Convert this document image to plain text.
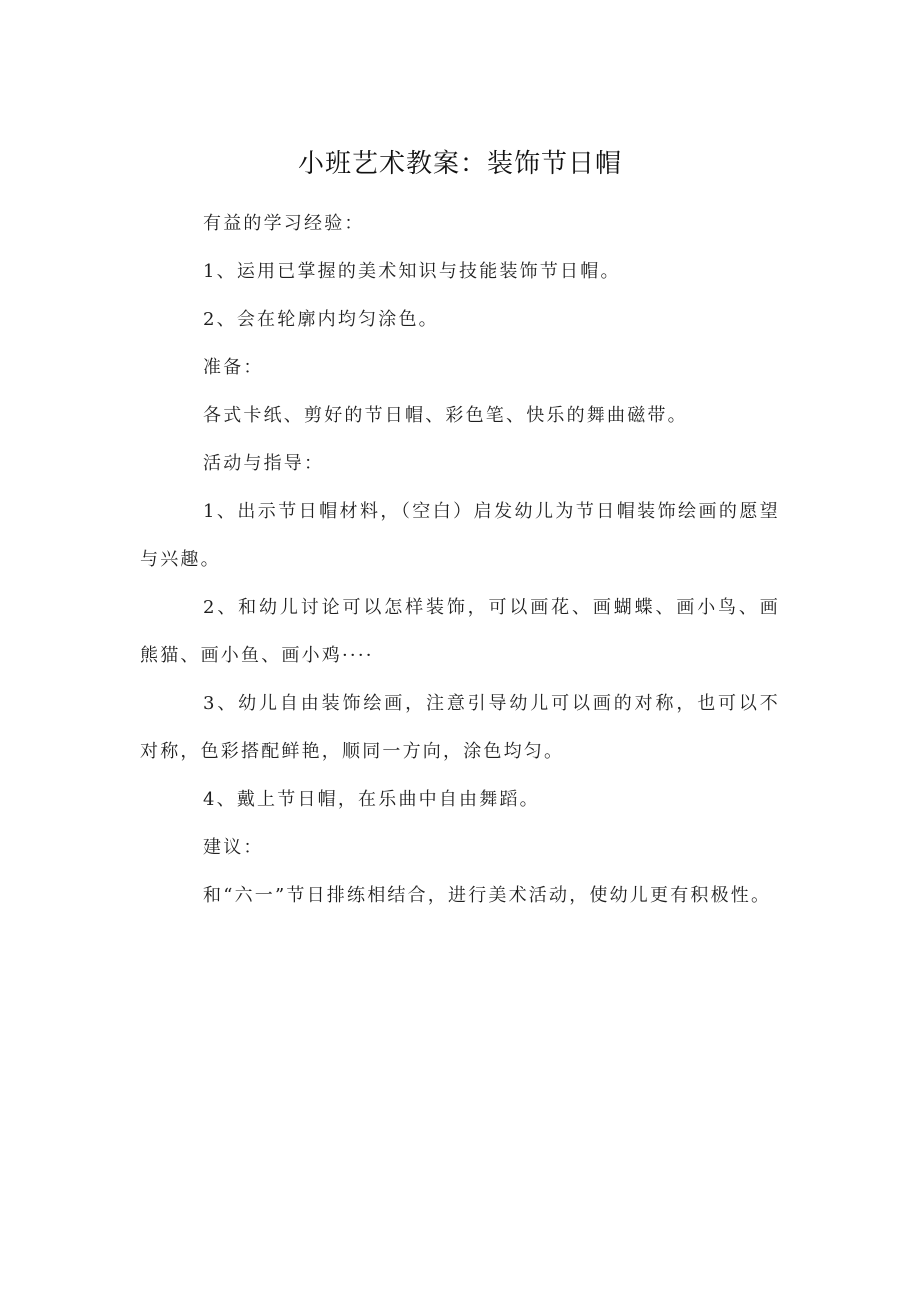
小班艺术教案：装饰节日帽

有益的学习经验：

1、运用已掌握的美术知识与技能装饰节日帽。

2、会在轮廓内均匀涂色。

准备：

各式卡纸、剪好的节日帽、彩色笔、快乐的舞曲磁带。

活动与指导：

1、出示节日帽材料，（空白）启发幼儿为节日帽装饰绘画的愿望与兴趣。

2、和幼儿讨论可以怎样装饰，可以画花、画蝴蝶、画小鸟、画熊猫、画小鱼、画小鸡····

3、幼儿自由装饰绘画，注意引导幼儿可以画的对称，也可以不对称，色彩搭配鲜艳，顺同一方向，涂色均匀。

4、戴上节日帽，在乐曲中自由舞蹈。

建议：

和“六一”节日排练相结合，进行美术活动，使幼儿更有积极性。
